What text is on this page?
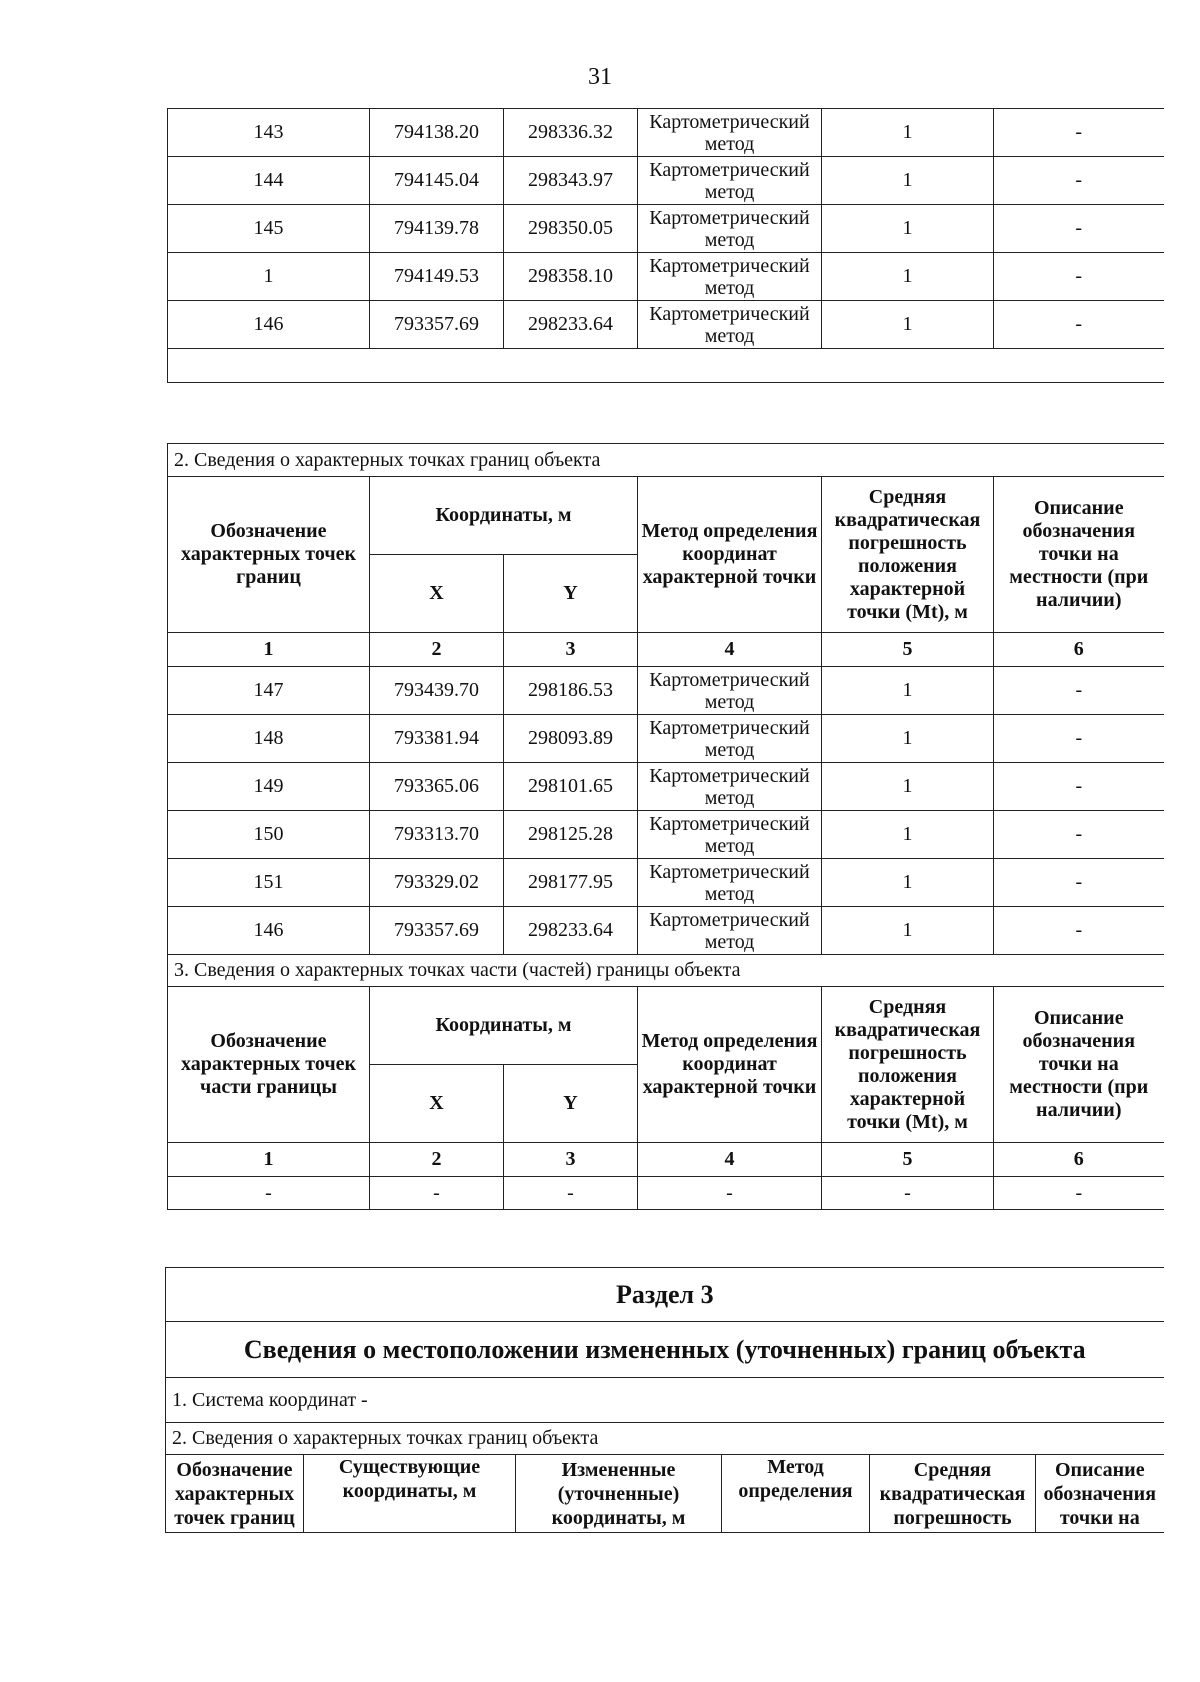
31
143	794138.20	298336.32	Картометрический метод	1	-
144	794145.04	298343.97	Картометрический метод	1	-
145	794139.78	298350.05	Картометрический метод	1	-
1	794149.53	298358.10	Картометрический метод	1	-
146	793357.69	298233.64	Картометрический метод	1	-

2. Сведения о характерных точках границ объекта					
Обозначение характерных точек границ	Координаты, м		Метод определения координат характерной точки	Средняя квадратическая погрешность положения характерной точки (Mt), м	Описание обозначения точки на местности (при наличии)
	X	Y			
1	2	3	4	5	6
147	793439.70	298186.53	Картометрический метод	1	-
148	793381.94	298093.89	Картометрический метод	1	-
149	793365.06	298101.65	Картометрический метод	1	-
150	793313.70	298125.28	Картометрический метод	1	-
151	793329.02	298177.95	Картометрический метод	1	-
146	793357.69	298233.64	Картометрический метод	1	-
3. Сведения о характерных точках части (частей) границы объекта					
Обозначение характерных точек части границы	Координаты, м		Метод определения координат характерной точки	Средняя квадратическая погрешность положения характерной точки (Mt), м	Описание обозначения точки на местности (при наличии)
	X	Y			
1	2	3	4	5	6
-	-	-	-	-	-
Раздел 3
Сведения о местоположении измененных (уточненных) границ объекта
1. Система координат -
2. Сведения о характерных точках границ объекта
Обозначение характерных точек границ	Существующие координаты, м	Измененные (уточненные) координаты, м	Метод определения	Средняя квадратическая погрешность	Описание обозначения точки на
